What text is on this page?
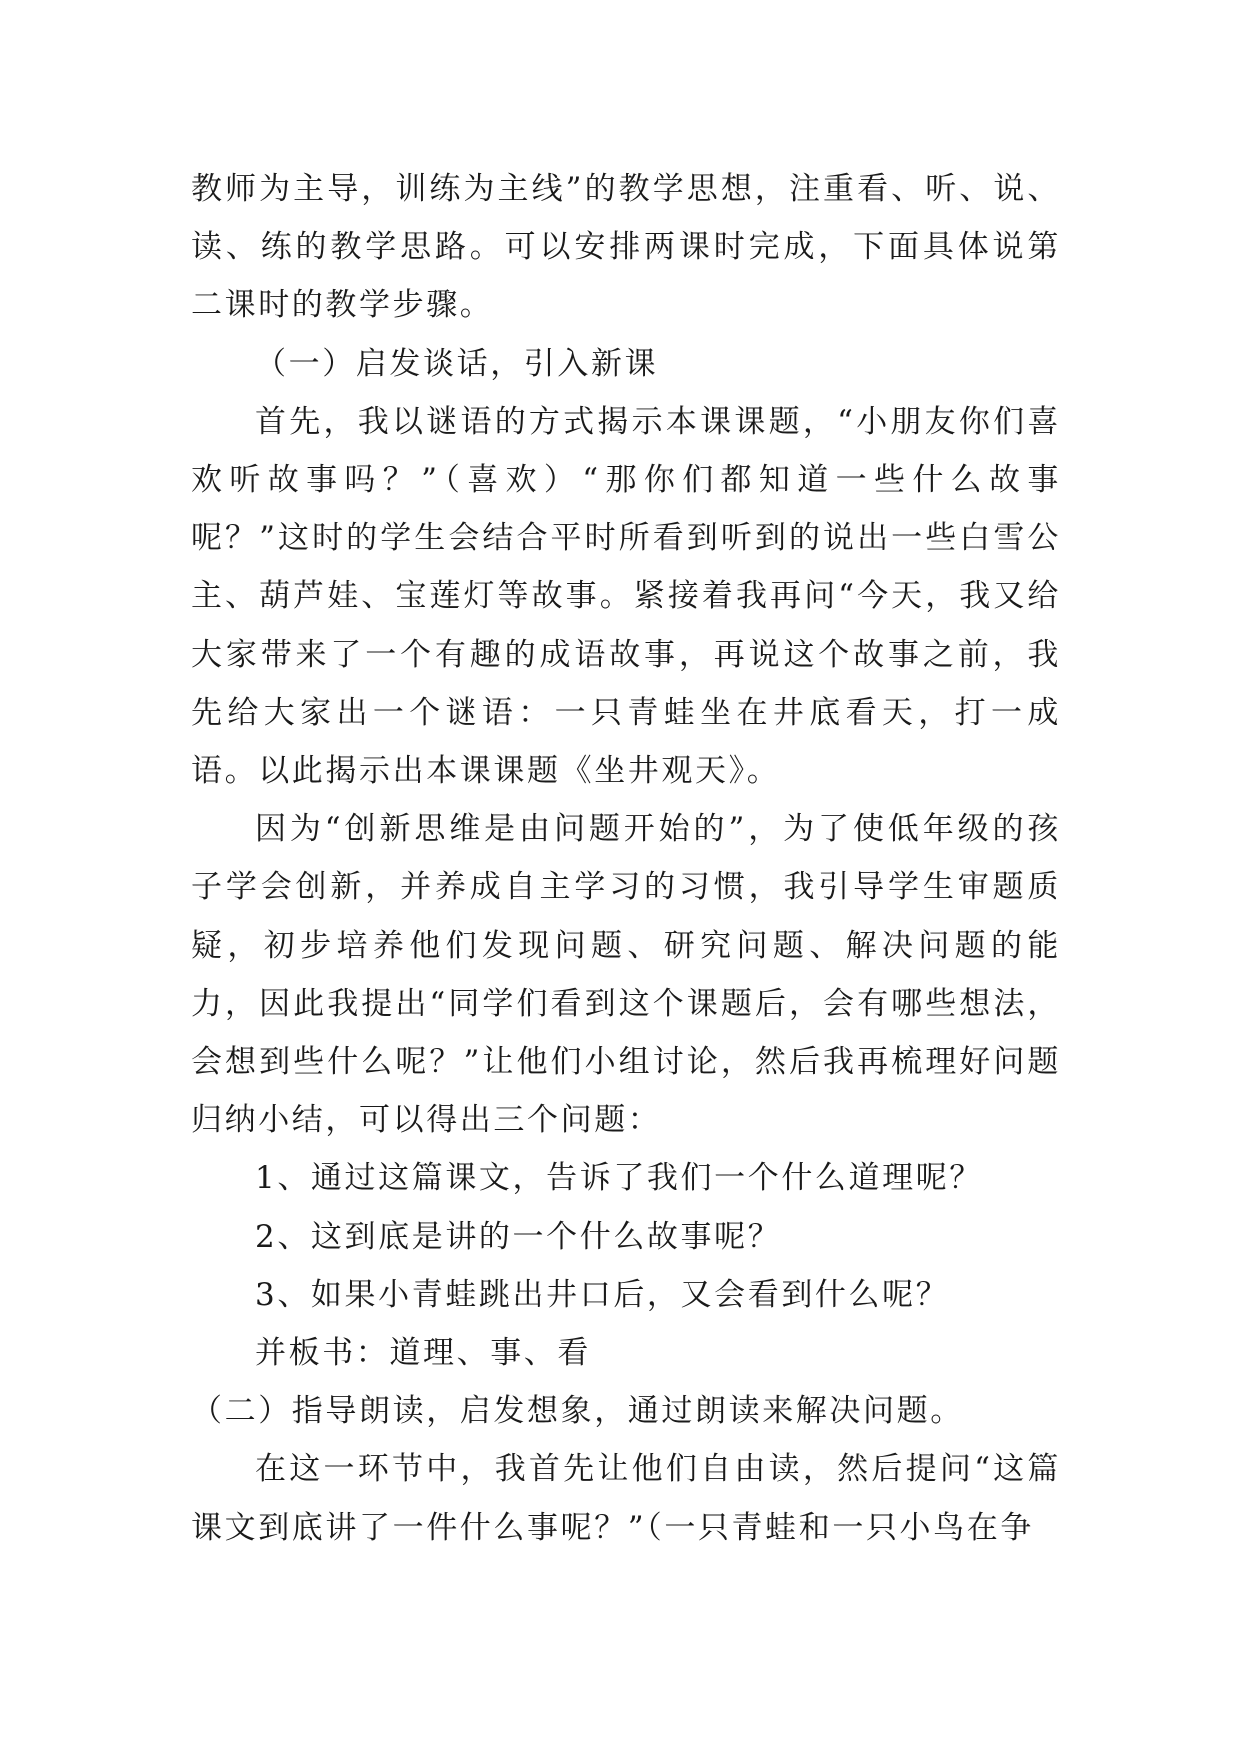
教师为主导，训练为主线”的教学思想，注重看、听、说、读、练的教学思路。可以安排两课时完成，下面具体说第二课时的教学步骤。

（一）启发谈话，引入新课

首先，我以谜语的方式揭示本课课题，“小朋友你们喜欢听故事吗？”（喜欢）“那你们都知道一些什么故事呢？”这时的学生会结合平时所看到听到的说出一些白雪公主、葫芦娃、宝莲灯等故事。紧接着我再问“今天，我又给大家带来了一个有趣的成语故事，再说这个故事之前，我先给大家出一个谜语：一只青蛙坐在井底看天，打一成语。以此揭示出本课课题《坐井观天》。

因为“创新思维是由问题开始的”，为了使低年级的孩子学会创新，并养成自主学习的习惯，我引导学生审题质疑，初步培养他们发现问题、研究问题、解决问题的能力，因此我提出“同学们看到这个课题后，会有哪些想法，会想到些什么呢？”让他们小组讨论，然后我再梳理好问题归纳小结，可以得出三个问题：

1、通过这篇课文，告诉了我们一个什么道理呢？

2、这到底是讲的一个什么故事呢？

3、如果小青蛙跳出井口后，又会看到什么呢？

并板书：道理、事、看

（二）指导朗读，启发想象，通过朗读来解决问题。

在这一环节中，我首先让他们自由读，然后提问“这篇课文到底讲了一件什么事呢？”（一只青蛙和一只小鸟在争
